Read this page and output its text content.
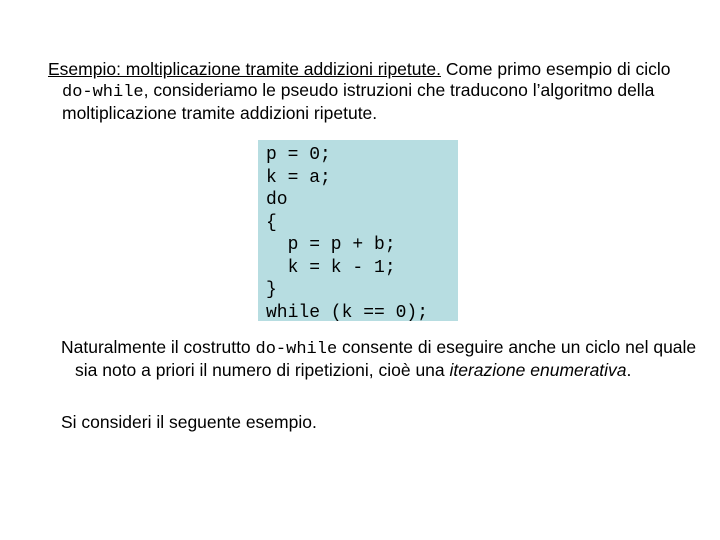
Esempio: moltiplicazione tramite addizioni ripetute. Come primo esempio di ciclo do-while, consideriamo le pseudo istruzioni che traducono l’algoritmo della moltiplicazione tramite addizioni ripetute.
p = 0;
k = a;
do
{
p = p + b;
k = k - 1;
}
while (k == 0);
Naturalmente il costrutto do-while consente di eseguire anche un ciclo nel quale sia noto a priori il numero di ripetizioni, cioè una iterazione enumerativa.
Si consideri il seguente esempio.
